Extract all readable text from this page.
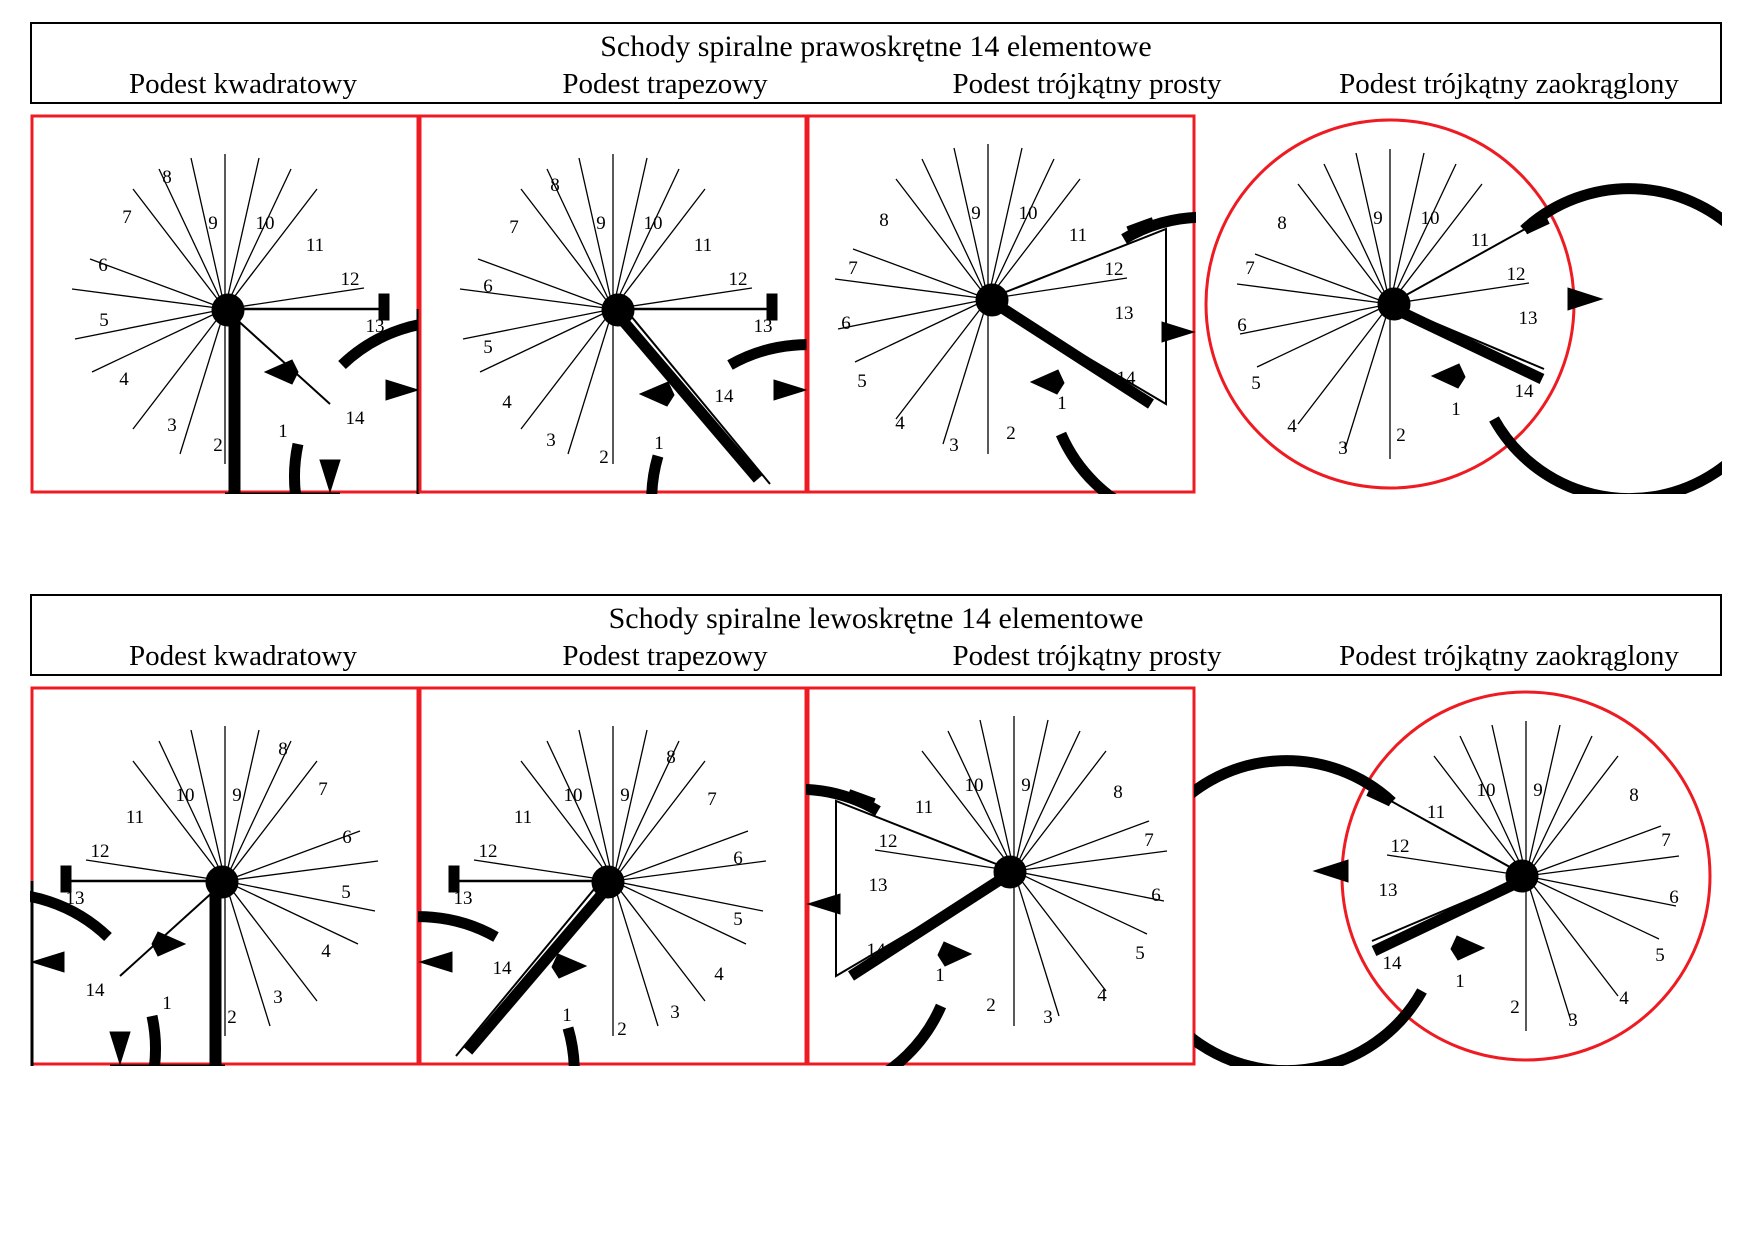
Schody spiralne prawoskrętne 14 elementowe
Podest kwadratowy	Podest trapezowy	Podest trójkątny prosty	Podest trójkątny zaokrąglony
9 10
11
12
13
14
1
2
3
4
5
6
7
8
9 10
11
12
13
14
1
2
3
4
5
6
7
8
9 10
11
12
13
14
1
2
3
4
5
6
7
8	9 10
11
12
13
14
1
2
3
4
5
6
7
8
Schody spiralne lewoskrętne 14 elementowe
Podest kwadratowy	Podest trapezowy	Podest trójkątny prosty	Podest trójkątny zaokrąglony
9
10
11
12
13
14
1
2
3
4
5
6
7
8
9
10
11
12
13
14
1
2
3
4
5
6
7
8
9
10
11
12
13
14
1
2
3
4
5
6
7
8	9
10
11
12
13
14
1
2
3
4
5
6
7
8
